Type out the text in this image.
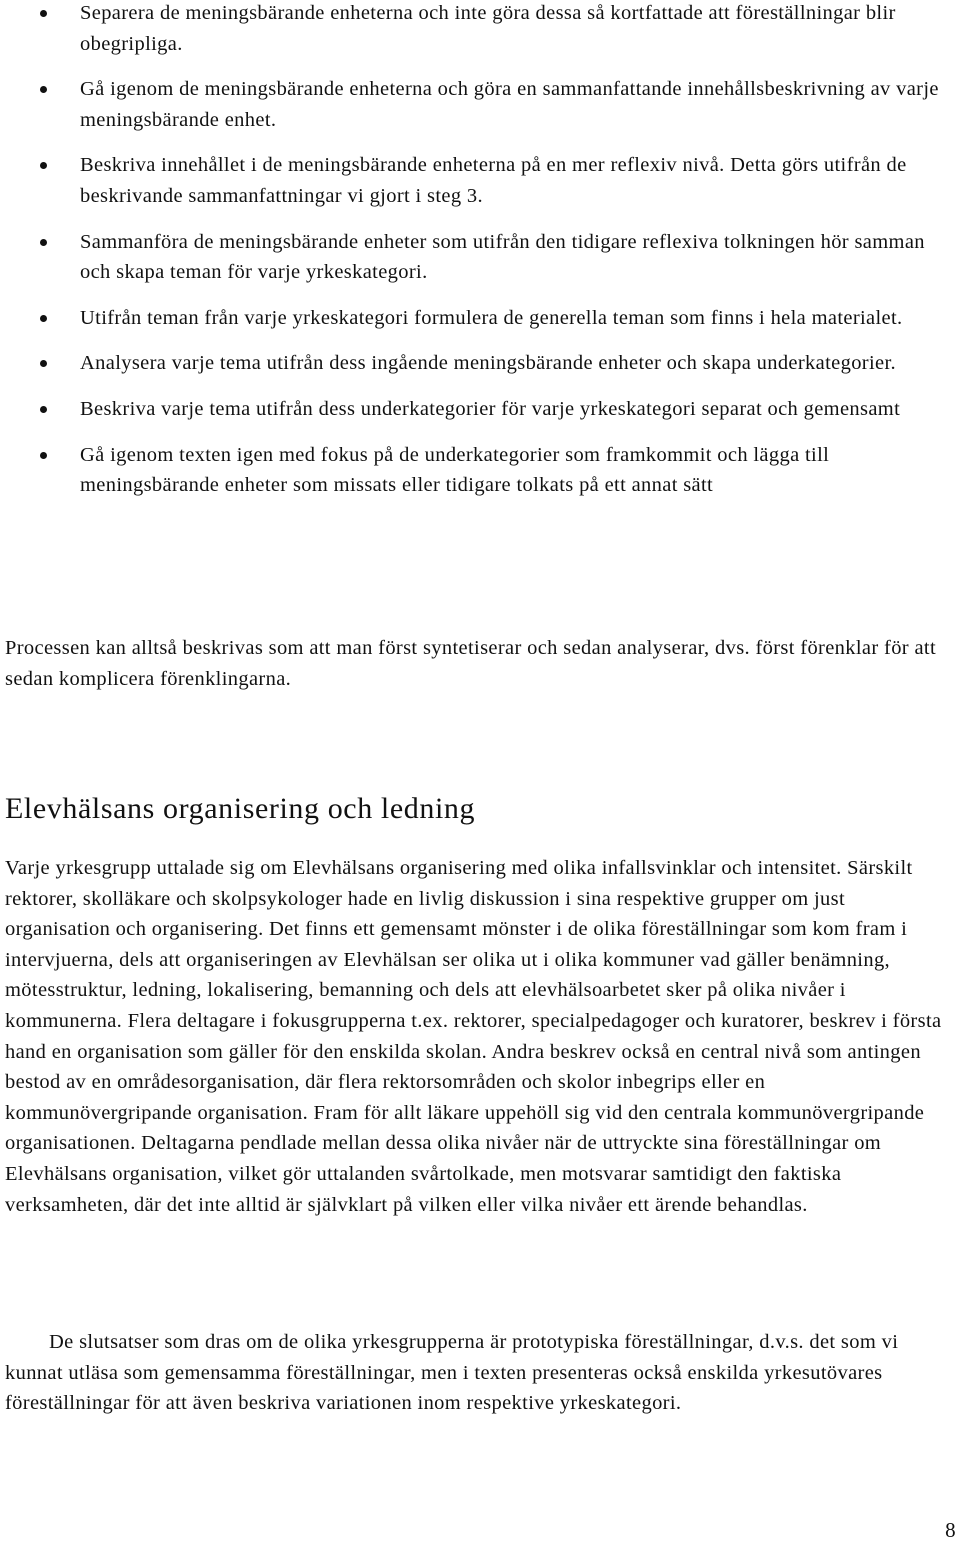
Separera de meningsbärande enheterna och inte göra dessa så kortfattade att föreställningar blir obegripliga.
Gå igenom de meningsbärande enheterna och göra en sammanfattande innehållsbeskrivning av varje meningsbärande enhet.
Beskriva innehållet i de meningsbärande enheterna på en mer reflexiv nivå. Detta görs utifrån de beskrivande sammanfattningar vi gjort i steg 3.
Sammanföra de meningsbärande enheter som utifrån den tidigare reflexiva tolkningen hör samman och skapa teman för varje yrkeskategori.
Utifrån teman från varje yrkeskategori formulera de generella teman som finns i hela materialet.
Analysera varje tema utifrån dess ingående meningsbärande enheter och skapa underkategorier.
Beskriva varje tema utifrån dess underkategorier för varje yrkeskategori separat och gemensamt
Gå igenom texten igen med fokus på de underkategorier som framkommit och lägga till meningsbärande enheter som missats eller tidigare tolkats på ett annat sätt

Processen kan alltså beskrivas som att man först syntetiserar och sedan analyserar, dvs. först förenklar för att sedan komplicera förenklingarna.

Elevhälsans organisering och ledning

Varje yrkesgrupp uttalade sig om Elevhälsans organisering med olika infallsvinklar och intensitet. Särskilt rektorer, skolläkare och skolpsykologer hade en livlig diskussion i sina respektive grupper om just organisation och organisering. Det finns ett gemensamt mönster i de olika föreställningar som kom fram i intervjuerna, dels att organiseringen av Elevhälsan ser olika ut i olika kommuner vad gäller benämning, mötesstruktur, ledning, lokalisering, bemanning och dels att elevhälsoarbetet sker på olika nivåer i kommunerna. Flera deltagare i fokusgrupperna t.ex. rektorer, specialpedagoger och kuratorer, beskrev i första hand en organisation som gäller för den enskilda skolan. Andra beskrev också en central nivå som antingen bestod av en områdesorganisation, där flera rektorsområden och skolor inbegrips eller en kommunövergripande organisation. Fram för allt läkare uppehöll sig vid den centrala kommunövergripande organisationen. Deltagarna pendlade mellan dessa olika nivåer när de uttryckte sina föreställningar om Elevhälsans organisation, vilket gör uttalanden svårtolkade, men motsvarar samtidigt den faktiska verksamheten, där det inte alltid är självklart på vilken eller vilka nivåer ett ärende behandlas.

De slutsatser som dras om de olika yrkesgrupperna är prototypiska föreställningar, d.v.s. det som vi kunnat utläsa som gemensamma föreställningar, men i texten presenteras också enskilda yrkesutövares föreställningar för att även beskriva variationen inom respektive yrkeskategori.

8
